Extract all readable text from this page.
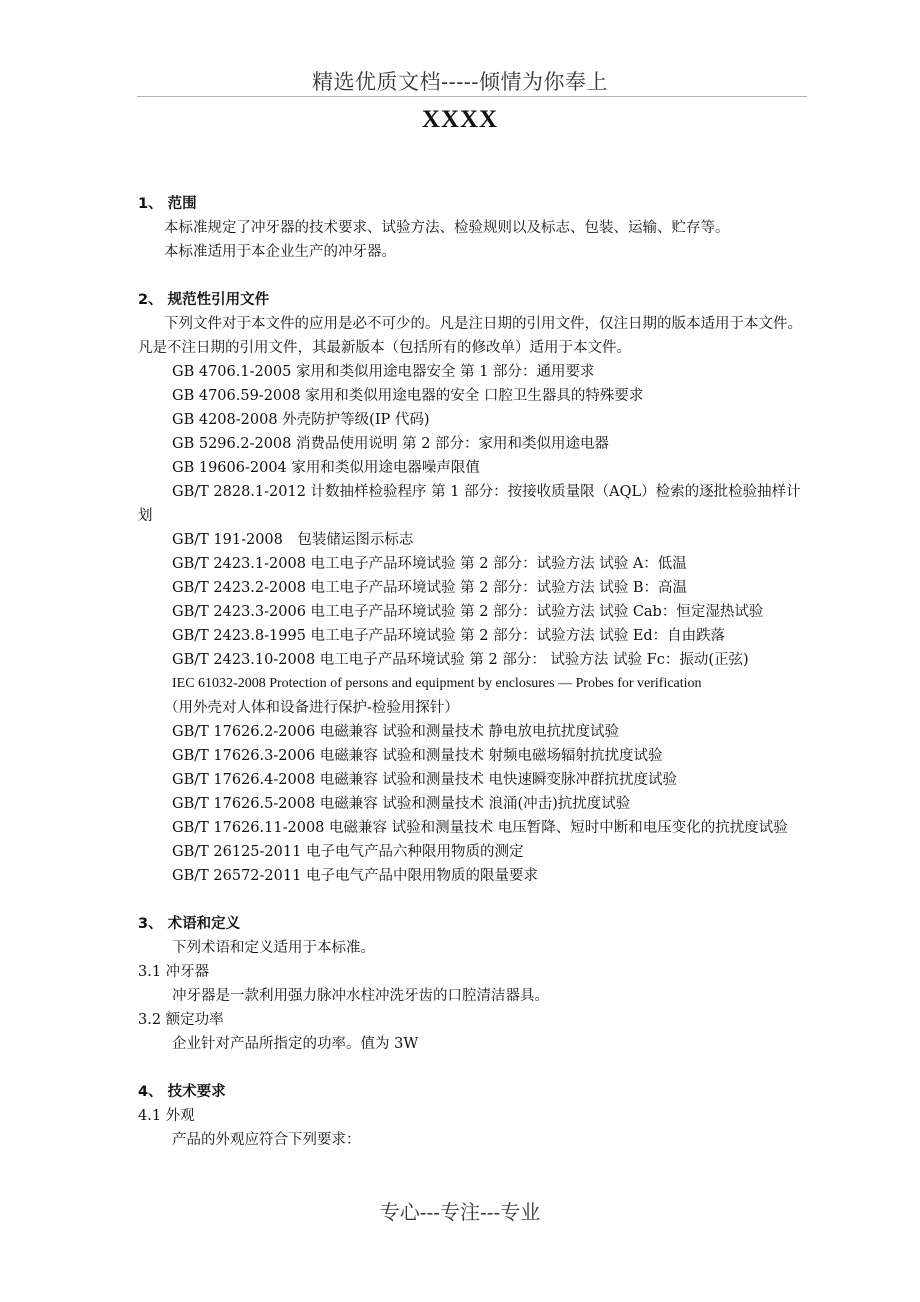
精选优质文档-----倾情为你奉上
XXXX

1、 范围

本标准规定了冲牙器的技术要求、试验方法、检验规则以及标志、包装、运输、贮存等。

本标准适用于本企业生产的冲牙器。

2、 规范性引用文件

下列文件对于本文件的应用是必不可少的。凡是注日期的引用文件，仅注日期的版本适用于本文件。凡是不注日期的引用文件，其最新版本（包括所有的修改单）适用于本文件。

GB 4706.1-2005 家用和类似用途电器安全 第 1 部分：通用要求

GB 4706.59-2008 家用和类似用途电器的安全 口腔卫生器具的特殊要求

GB 4208-2008 外壳防护等级(IP 代码)

GB 5296.2-2008 消费品使用说明 第 2 部分：家用和类似用途电器

GB 19606-2004 家用和类似用途电器噪声限值

GB/T 2828.1-2012 计数抽样检验程序 第 1 部分：按接收质量限（AQL）检索的逐批检验抽样计划

GB/T 191-2008　包装储运图示标志

GB/T 2423.1-2008 电工电子产品环境试验 第 2 部分：试验方法 试验 A：低温

GB/T 2423.2-2008 电工电子产品环境试验 第 2 部分：试验方法 试验 B：高温

GB/T 2423.3-2006 电工电子产品环境试验 第 2 部分：试验方法 试验 Cab：恒定湿热试验

GB/T 2423.8-1995 电工电子产品环境试验 第 2 部分：试验方法 试验 Ed：自由跌落

GB/T 2423.10-2008 电工电子产品环境试验 第 2 部分： 试验方法 试验 Fc：振动(正弦)

IEC 61032-2008 Protection of persons and equipment by enclosures — Probes for verification

（用外壳对人体和设备进行保护-检验用探针）

GB/T 17626.2-2006 电磁兼容 试验和测量技术 静电放电抗扰度试验

GB/T 17626.3-2006 电磁兼容 试验和测量技术 射频电磁场辐射抗扰度试验

GB/T 17626.4-2008 电磁兼容 试验和测量技术 电快速瞬变脉冲群抗扰度试验

GB/T 17626.5-2008 电磁兼容 试验和测量技术 浪涌(冲击)抗扰度试验

GB/T 17626.11-2008 电磁兼容 试验和测量技术 电压暂降、短时中断和电压变化的抗扰度试验

GB/T 26125-2011 电子电气产品六种限用物质的测定

GB/T 26572-2011 电子电气产品中限用物质的限量要求

3、 术语和定义

下列术语和定义适用于本标准。

3.1 冲牙器

冲牙器是一款利用强力脉冲水柱冲洗牙齿的口腔清洁器具。

3.2 额定功率

企业针对产品所指定的功率。值为 3W

4、 技术要求

4.1 外观

产品的外观应符合下列要求：

专心---专注---专业
